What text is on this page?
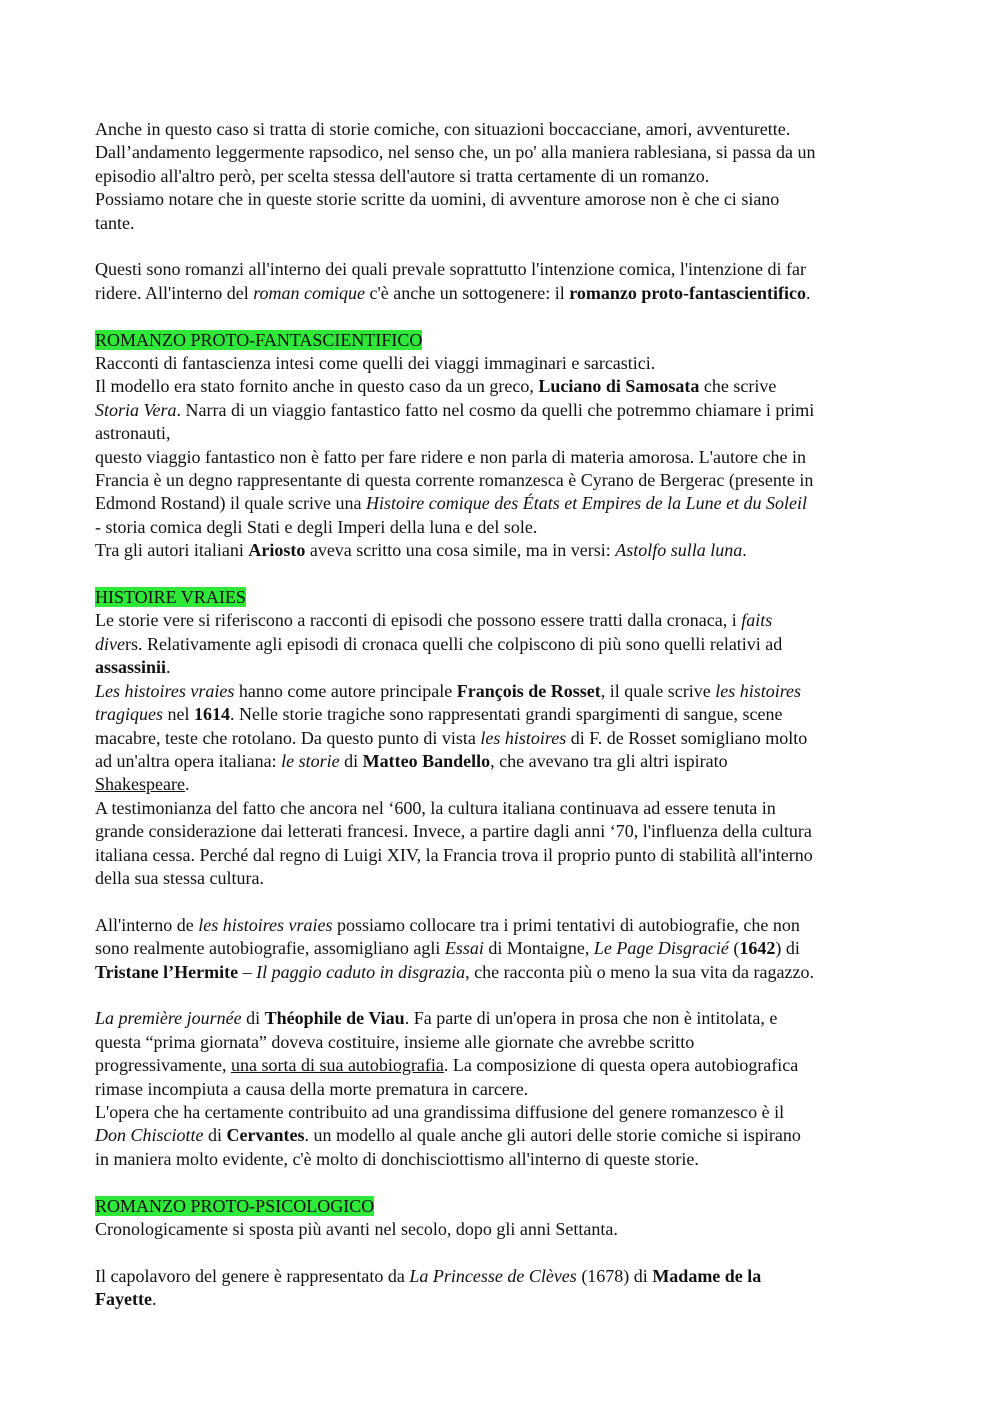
Anche in questo caso si tratta di storie comiche, con situazioni boccacciane, amori, avventurette.
Dall’andamento leggermente rapsodico, nel senso che, un po' alla maniera rablesiana, si passa da un
episodio all'altro però, per scelta stessa dell'autore si tratta certamente di un romanzo.
Possiamo notare che in queste storie scritte da uomini, di avventure amorose non è che ci siano
tante.
Questi sono romanzi all'interno dei quali prevale soprattutto l'intenzione comica, l'intenzione di far
ridere. All'interno del roman comique c'è anche un sottogenere: il romanzo proto-fantascientifico.
ROMANZO PROTO-FANTASCIENTIFICO
Racconti di fantascienza intesi come quelli dei viaggi immaginari e sarcastici.
Il modello era stato fornito anche in questo caso da un greco, Luciano di Samosata che scrive
Storia Vera. Narra di un viaggio fantastico fatto nel cosmo da quelli che potremmo chiamare i primi
astronauti,
questo viaggio fantastico non è fatto per fare ridere e non parla di materia amorosa. L'autore che in
Francia è un degno rappresentante di questa corrente romanzesca è Cyrano de Bergerac (presente in
Edmond Rostand) il quale scrive una Histoire comique des États et Empires de la Lune et du Soleil
- storia comica degli Stati e degli Imperi della luna e del sole.
Tra gli autori italiani Ariosto aveva scritto una cosa simile, ma in versi: Astolfo sulla luna.
HISTOIRE VRAIES
Le storie vere si riferiscono a racconti di episodi che possono essere tratti dalla cronaca, i faits
divers. Relativamente agli episodi di cronaca quelli che colpiscono di più sono quelli relativi ad
assassinii.
Les histoires vraies hanno come autore principale François de Rosset, il quale scrive les histoires
tragiques nel 1614. Nelle storie tragiche sono rappresentati grandi spargimenti di sangue, scene
macabre, teste che rotolano. Da questo punto di vista les histoires di F. de Rosset somigliano molto
ad un'altra opera italiana: le storie di Matteo Bandello, che avevano tra gli altri ispirato
Shakespeare.
A testimonianza del fatto che ancora nel ‘600, la cultura italiana continuava ad essere tenuta in
grande considerazione dai letterati francesi. Invece, a partire dagli anni ‘70, l'influenza della cultura
italiana cessa. Perché dal regno di Luigi XIV, la Francia trova il proprio punto di stabilità all'interno
della sua stessa cultura.
All'interno de les histoires vraies possiamo collocare tra i primi tentativi di autobiografie, che non
sono realmente autobiografie, assomigliano agli Essai di Montaigne, Le Page Disgracié (1642) di
Tristane l’Hermite – Il paggio caduto in disgrazia, che racconta più o meno la sua vita da ragazzo.
La première journée di Théophile de Viau. Fa parte di un'opera in prosa che non è intitolata, e
questa “prima giornata” doveva costituire, insieme alle giornate che avrebbe scritto
progressivamente, una sorta di sua autobiografia. La composizione di questa opera autobiografica
rimase incompiuta a causa della morte prematura in carcere.
L'opera che ha certamente contribuito ad una grandissima diffusione del genere romanzesco è il
Don Chisciotte di Cervantes. un modello al quale anche gli autori delle storie comiche si ispirano
in maniera molto evidente, c'è molto di donchisciottismo all'interno di queste storie.
ROMANZO PROTO-PSICOLOGICO
Cronologicamente si sposta più avanti nel secolo, dopo gli anni Settanta.
Il capolavoro del genere è rappresentato da La Princesse de Clèves (1678) di Madame de la
Fayette.
